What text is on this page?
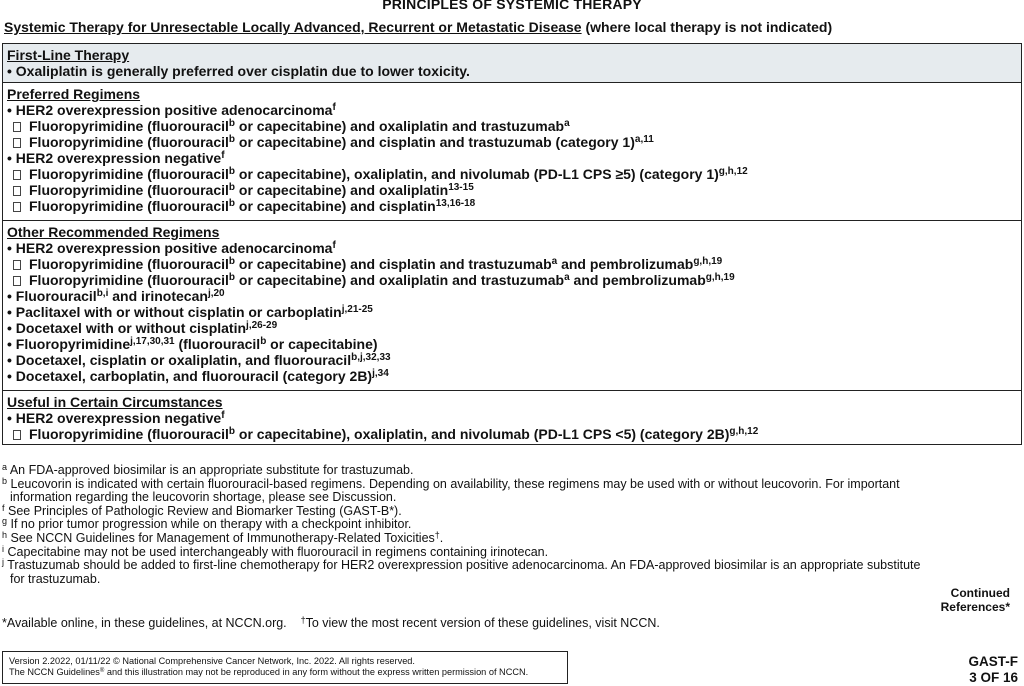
PRINCIPLES OF SYSTEMIC THERAPY
Systemic Therapy for Unresectable Locally Advanced, Recurrent or Metastatic Disease (where local therapy is not indicated)
First-Line Therapy
• Oxaliplatin is generally preferred over cisplatin due to lower toxicity.
Preferred Regimens
• HER2 overexpression positive adenocarcinoma$^f$
Fluoropyrimidine (fluorouracil$^b$ or capecitabine) and oxaliplatin and trastuzumab$^a$
Fluoropyrimidine (fluorouracil$^b$ or capecitabine) and cisplatin and trastuzumab (category 1)$^{a,11}$
• HER2 overexpression negative$^f$
Fluoropyrimidine (fluorouracil$^b$ or capecitabine), oxaliplatin, and nivolumab (PD-L1 CPS ≥5) (category 1)$^{g,h,12}$
Fluoropyrimidine (fluorouracil$^b$ or capecitabine) and oxaliplatin$^{13-15}$
Fluoropyrimidine (fluorouracil$^b$ or capecitabine) and cisplatin$^{13,16-18}$
Other Recommended Regimens
• HER2 overexpression positive adenocarcinoma$^f$
Fluoropyrimidine (fluorouracil$^b$ or capecitabine) and cisplatin and trastuzumab$^a$ and pembrolizumab$^{g,h,19}$
Fluoropyrimidine (fluorouracil$^b$ or capecitabine) and oxaliplatin and trastuzumab$^a$ and pembrolizumab$^{g,h,19}$
• Fluorouracil$^{b,i}$ and irinotecan$^{j,20}$
• Paclitaxel with or without cisplatin or carboplatin$^{j,21-25}$
• Docetaxel with or without cisplatin$^{j,26-29}$
• Fluoropyrimidine$^{j,17,30,31}$ (fluorouracil$^b$ or capecitabine)
• Docetaxel, cisplatin or oxaliplatin, and fluorouracil$^{b,j,32,33}$
• Docetaxel, carboplatin, and fluorouracil (category 2B)$^{j,34}$
Useful in Certain Circumstances
• HER2 overexpression negative$^f$
Fluoropyrimidine (fluorouracil$^b$ or capecitabine), oxaliplatin, and nivolumab (PD-L1 CPS <5) (category 2B)$^{g,h,12}$
$^a$ An FDA-approved biosimilar is an appropriate substitute for trastuzumab.
$^b$ Leucovorin is indicated with certain fluorouracil-based regimens. Depending on availability, these regimens may be used with or without leucovorin. For important
information regarding the leucovorin shortage, please see Discussion.
$^f$ See Principles of Pathologic Review and Biomarker Testing (GAST-B*).
$^g$ If no prior tumor progression while on therapy with a checkpoint inhibitor.
$^h$ See NCCN Guidelines for Management of Immunotherapy-Related Toxicities†.
$^i$ Capecitabine may not be used interchangeably with fluorouracil in regimens containing irinotecan.
$^j$ Trastuzumab should be added to first-line chemotherapy for HER2 overexpression positive adenocarcinoma. An FDA-approved biosimilar is an appropriate substitute
for trastuzumab.
Continued
References*
*Available online, in these guidelines, at NCCN.org. †To view the most recent version of these guidelines, visit NCCN.
Version 2.2022, 01/11/22 © National Comprehensive Cancer Network, Inc. 2022. All rights reserved.
The NCCN Guidelines® and this illustration may not be reproduced in any form without the express written permission of NCCN.
GAST-F
3 OF 16
